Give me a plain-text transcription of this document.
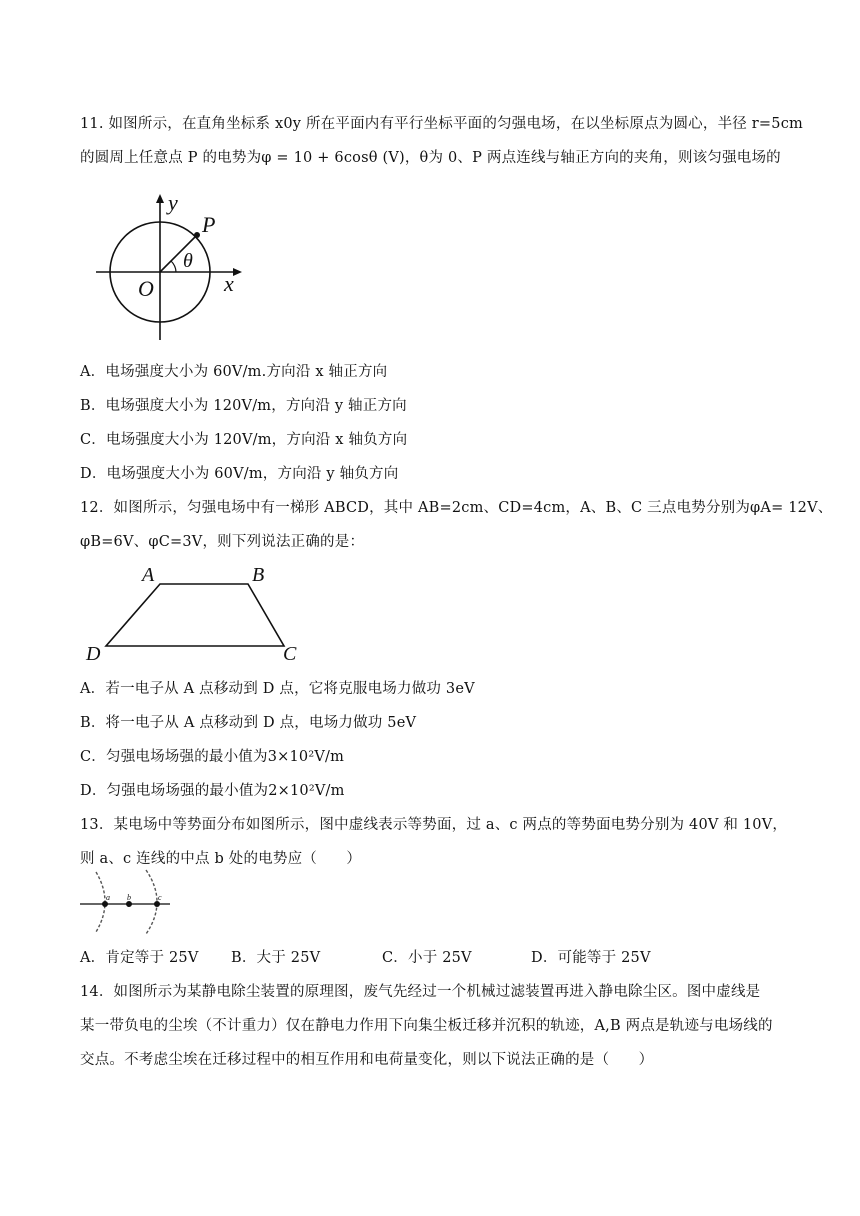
11. 如图所示，在直角坐标系 x0y 所在平面内有平行坐标平面的匀强电场，在以坐标原点为圆心，半径 r=5cm
的圆周上任意点 P 的电势为φ = 10 + 6cosθ (V)，θ为 0、P 两点连线与轴正方向的夹角，则该匀强电场的
y
P
θ
O	x
A．电场强度大小为 60V/m.方向沿 x 轴正方向
B．电场强度大小为 120V/m，方向沿 y 轴正方向
C．电场强度大小为 120V/m，方向沿 x 轴负方向
D．电场强度大小为 60V/m，方向沿 y 轴负方向
12．如图所示，匀强电场中有一梯形 ABCD，其中 AB=2cm、CD=4cm，A、B、C 三点电势分别为φA= 12V、
φB=6V、φC=3V，则下列说法正确的是：
A	B
D	C
A．若一电子从 A 点移动到 D 点，它将克服电场力做功 3eV
B．将一电子从 A 点移动到 D 点，电场力做功 5eV
C．匀强电场场强的最小值为3×10²V/m
D．匀强电场场强的最小值为2×10²V/m
13．某电场中等势面分布如图所示，图中虚线表示等势面，过 a、c 两点的等势面电势分别为 40V 和 10V，
则 a、c 连线的中点 b 处的电势应（　　）
a b	c
A．肯定等于 25V B．大于 25V	C．小于 25V	D．可能等于 25V
14．如图所示为某静电除尘装置的原理图，废气先经过一个机械过滤装置再进入静电除尘区。图中虚线是
某一带负电的尘埃（不计重力）仅在静电力作用下向集尘板迁移并沉积的轨迹，A,B 两点是轨迹与电场线的
交点。不考虑尘埃在迁移过程中的相互作用和电荷量变化，则以下说法正确的是（　　）
